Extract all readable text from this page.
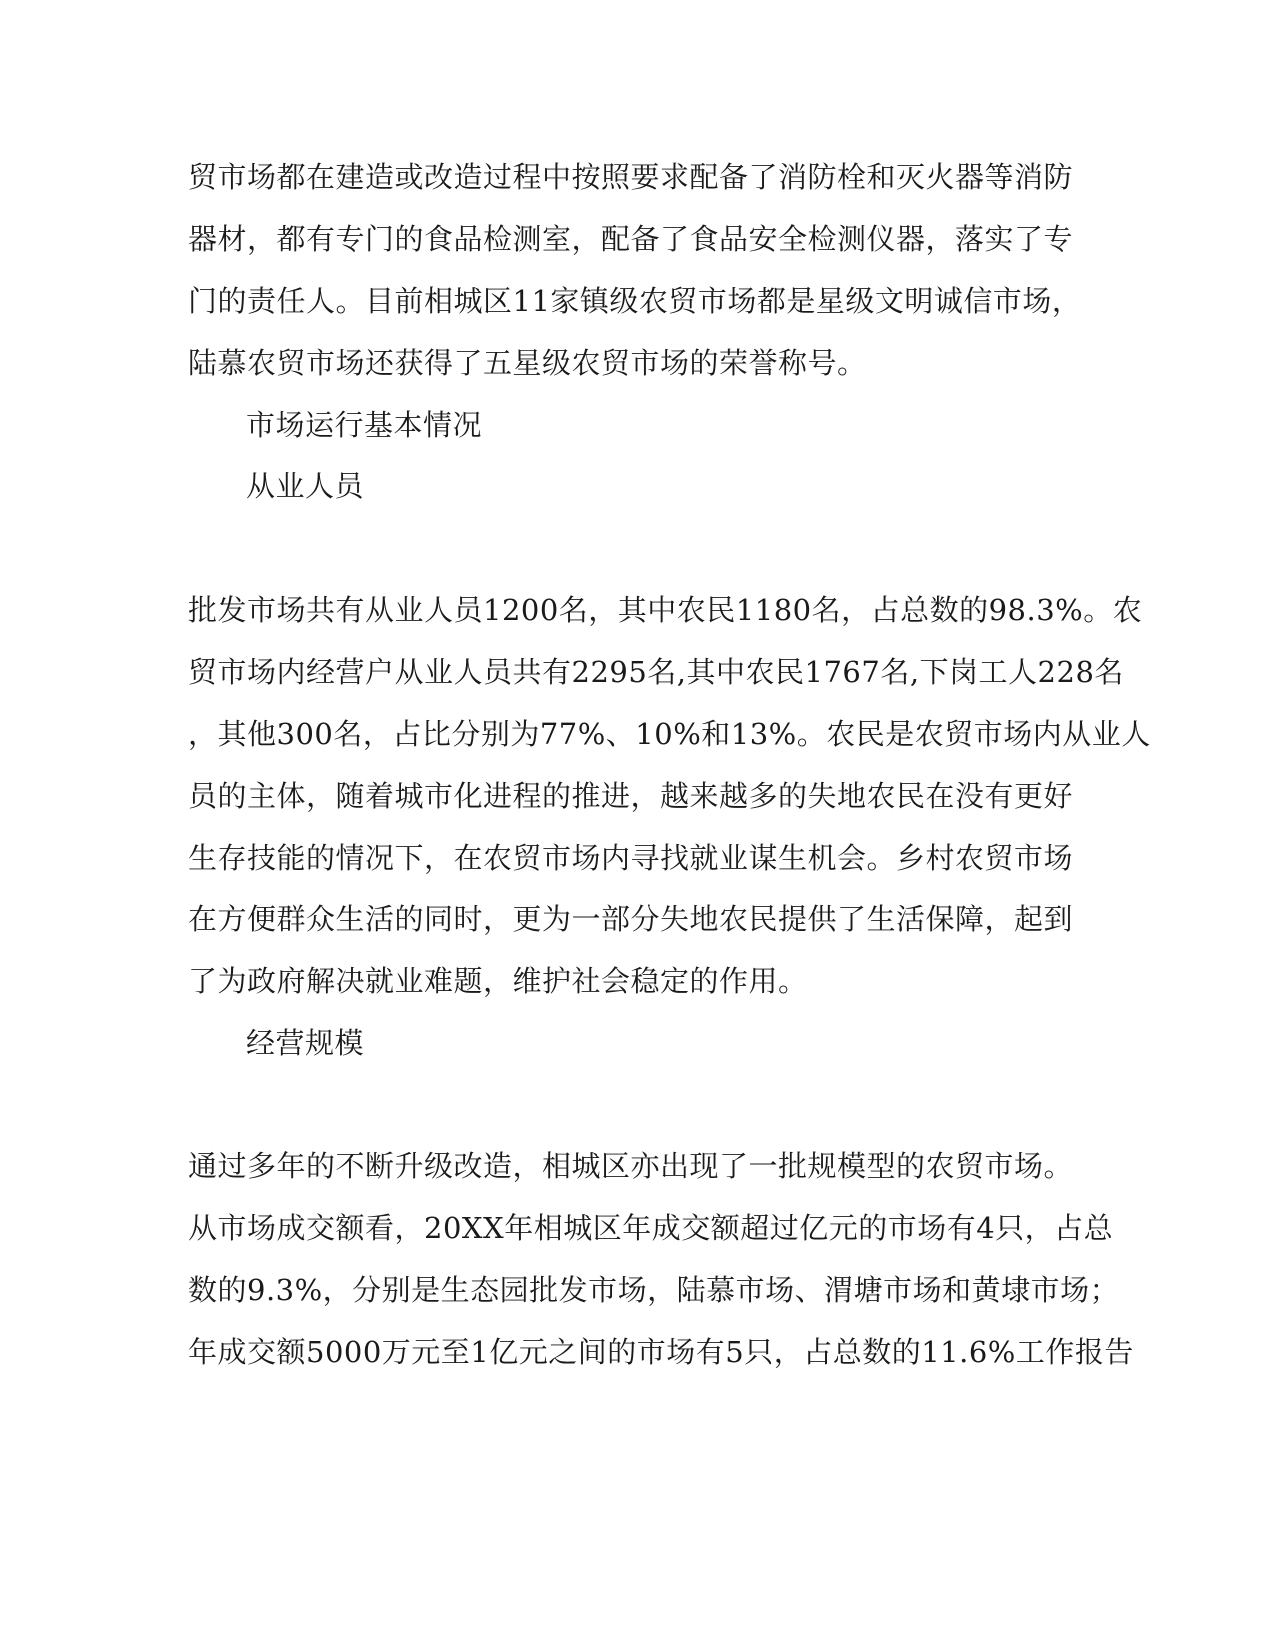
贸市场都在建造或改造过程中按照要求配备了消防栓和灭火器等消防
器材，都有专门的食品检测室，配备了食品安全检测仪器，落实了专
门的责任人。目前相城区11家镇级农贸市场都是星级文明诚信市场，
陆慕农贸市场还获得了五星级农贸市场的荣誉称号。
市场运行基本情况
从业人员
批发市场共有从业人员1200名，其中农民1180名，占总数的98.3%。农
贸市场内经营户从业人员共有2295名,其中农民1767名,下岗工人228名
，其他300名，占比分别为77%、10%和13%。农民是农贸市场内从业人
员的主体，随着城市化进程的推进，越来越多的失地农民在没有更好
生存技能的情况下，在农贸市场内寻找就业谋生机会。乡村农贸市场
在方便群众生活的同时，更为一部分失地农民提供了生活保障，起到
了为政府解决就业难题，维护社会稳定的作用。
经营规模
通过多年的不断升级改造，相城区亦出现了一批规模型的农贸市场。
从市场成交额看，20XX年相城区年成交额超过亿元的市场有4只，占总
数的9.3%，分别是生态园批发市场，陆慕市场、渭塘市场和黄埭市场；
年成交额5000万元至1亿元之间的市场有5只，占总数的11.6%工作报告
